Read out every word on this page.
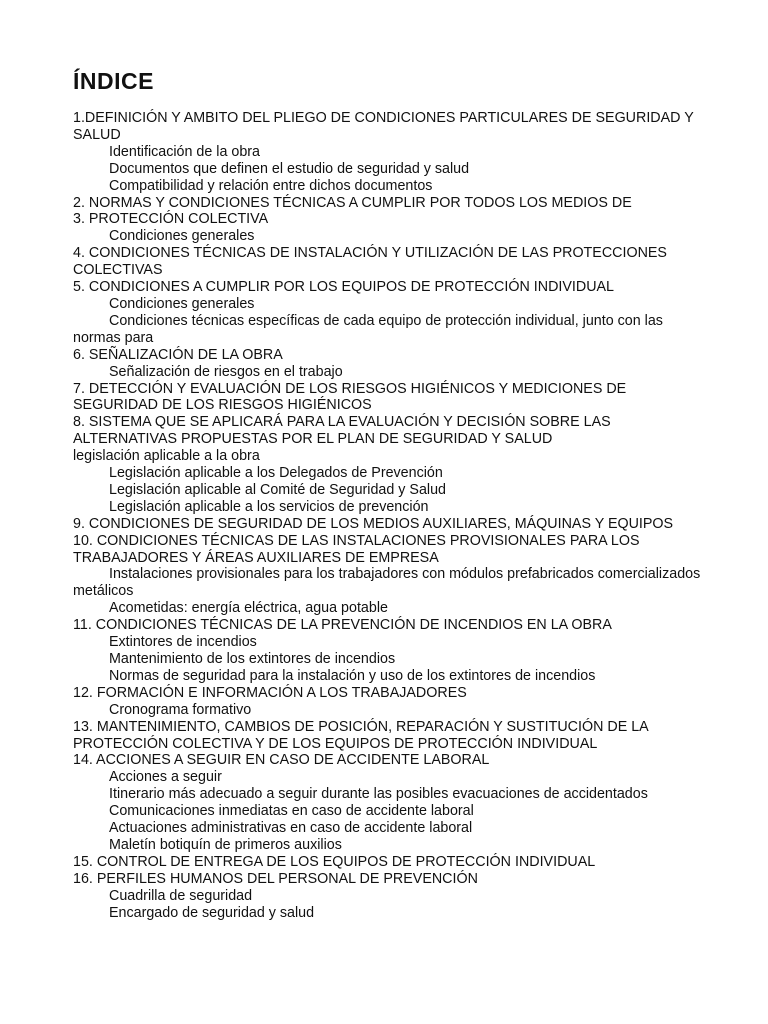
ÍNDICE
1.DEFINICIÓN Y AMBITO DEL PLIEGO DE CONDICIONES PARTICULARES DE SEGURIDAD Y SALUD
Identificación de la obra
Documentos que definen el estudio de seguridad y salud
Compatibilidad y relación entre dichos documentos
2. NORMAS Y CONDICIONES TÉCNICAS A CUMPLIR POR TODOS LOS MEDIOS DE
3. PROTECCIÓN COLECTIVA
Condiciones generales
4. CONDICIONES TÉCNICAS DE INSTALACIÓN Y UTILIZACIÓN DE LAS PROTECCIONES COLECTIVAS
5. CONDICIONES A CUMPLIR POR LOS EQUIPOS DE PROTECCIÓN INDIVIDUAL
Condiciones generales
Condiciones técnicas específicas de cada equipo de protección individual, junto con las normas para
6. SEÑALIZACIÓN DE LA OBRA
Señalización de riesgos en el trabajo
7. DETECCIÓN Y EVALUACIÓN DE LOS RIESGOS HIGIÉNICOS Y MEDICIONES DE SEGURIDAD DE LOS RIESGOS HIGIÉNICOS
8. SISTEMA QUE SE APLICARÁ PARA LA EVALUACIÓN Y DECISIÓN SOBRE LAS ALTERNATIVAS PROPUESTAS POR EL PLAN DE SEGURIDAD Y SALUD
legislación aplicable a la obra
Legislación aplicable a los Delegados de Prevención
Legislación aplicable al Comité de Seguridad y Salud
Legislación aplicable a los servicios de prevención
9. CONDICIONES DE SEGURIDAD DE LOS MEDIOS AUXILIARES, MÁQUINAS Y EQUIPOS
10. CONDICIONES TÉCNICAS DE LAS INSTALACIONES PROVISIONALES PARA LOS TRABAJADORES Y ÁREAS AUXILIARES DE EMPRESA
Instalaciones provisionales para los trabajadores con módulos prefabricados comercializados metálicos
Acometidas: energía eléctrica, agua potable
11. CONDICIONES TÉCNICAS DE LA PREVENCIÓN DE INCENDIOS EN LA OBRA
Extintores de incendios
Mantenimiento de los extintores de incendios
Normas de seguridad para la instalación y uso de los extintores de incendios
12. FORMACIÓN E INFORMACIÓN A LOS TRABAJADORES
Cronograma formativo
13. MANTENIMIENTO, CAMBIOS DE POSICIÓN, REPARACIÓN Y SUSTITUCIÓN DE LA PROTECCIÓN COLECTIVA Y DE LOS EQUIPOS DE PROTECCIÓN INDIVIDUAL
14. ACCIONES A SEGUIR EN CASO DE ACCIDENTE LABORAL
Acciones a seguir
Itinerario más adecuado a seguir durante las posibles evacuaciones de accidentados
Comunicaciones inmediatas en caso de accidente laboral
Actuaciones administrativas en caso de accidente laboral
Maletín botiquín de primeros auxilios
15. CONTROL DE ENTREGA DE LOS EQUIPOS DE PROTECCIÓN INDIVIDUAL
16. PERFILES HUMANOS DEL PERSONAL DE PREVENCIÓN
Cuadrilla de seguridad
Encargado de seguridad y salud
